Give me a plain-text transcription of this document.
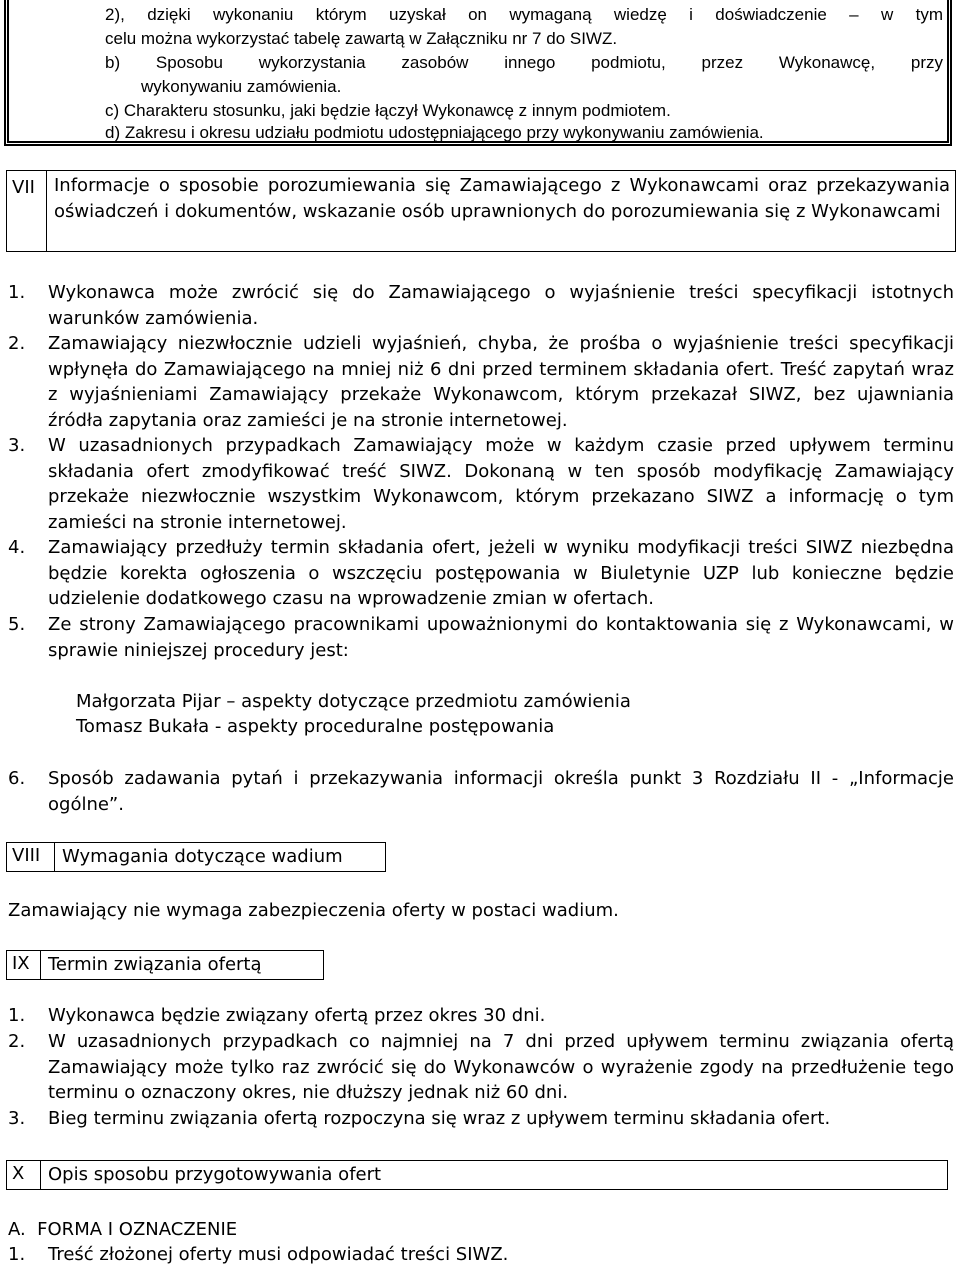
2), dzięki wykonaniu którym uzyskał on wymaganą wiedzę i doświadczenie – w tym
celu można wykorzystać tabelę zawartą w Załączniku nr 7 do SIWZ.
b) Sposobu wykorzystania zasobów innego podmiotu, przez Wykonawcę, przy
wykonywaniu zamówienia.
c) Charakteru stosunku, jaki będzie łączył Wykonawcę z innym podmiotem.
d) Zakresu i okresu udziału podmiotu udostępniającego przy wykonywaniu zamówienia.
VII Informacje o sposobie porozumiewania się Zamawiającego z Wykonawcami oraz przekazywania oświadczeń i dokumentów, wskazanie osób uprawnionych do porozumiewania się z Wykonawcami
1. Wykonawca może zwrócić się do Zamawiającego o wyjaśnienie treści specyfikacji istotnych warunków zamówienia.
2. Zamawiający niezwłocznie udzieli wyjaśnień, chyba, że prośba o wyjaśnienie treści specyfikacji wpłynęła do Zamawiającego na mniej niż 6 dni przed terminem składania ofert. Treść zapytań wraz z wyjaśnieniami Zamawiający przekaże Wykonawcom, którym przekazał SIWZ, bez ujawniania źródła zapytania oraz zamieści je na stronie internetowej.
3. W uzasadnionych przypadkach Zamawiający może w każdym czasie przed upływem terminu składania ofert zmodyfikować treść SIWZ. Dokonaną w ten sposób modyfikację Zamawiający przekaże niezwłocznie wszystkim Wykonawcom, którym przekazano SIWZ a informację o tym zamieści na stronie internetowej.
4. Zamawiający przedłuży termin składania ofert, jeżeli w wyniku modyfikacji treści SIWZ niezbędna będzie korekta ogłoszenia o wszczęciu postępowania w Biuletynie UZP lub konieczne będzie udzielenie dodatkowego czasu na wprowadzenie zmian w ofertach.
5. Ze strony Zamawiającego pracownikami upoważnionymi do kontaktowania się z Wykonawcami, w sprawie niniejszej procedury jest:
Małgorzata Pijar – aspekty dotyczące przedmiotu zamówienia
Tomasz Bukała - aspekty proceduralne postępowania
6. Sposób zadawania pytań i przekazywania informacji określa punkt 3 Rozdziału II - „Informacje ogólne”.
VIII Wymagania dotyczące wadium
Zamawiający nie wymaga zabezpieczenia oferty w postaci wadium.
IX Termin związania ofertą
1. Wykonawca będzie związany ofertą przez okres 30 dni.
2. W uzasadnionych przypadkach co najmniej na 7 dni przed upływem terminu związania ofertą Zamawiający może tylko raz zwrócić się do Wykonawców o wyrażenie zgody na przedłużenie tego terminu o oznaczony okres, nie dłuższy jednak niż 60 dni.
3. Bieg terminu związania ofertą rozpoczyna się wraz z upływem terminu składania ofert.
X Opis sposobu przygotowywania ofert
A.  FORMA I OZNACZENIE
1. Treść złożonej oferty musi odpowiadać treści SIWZ.
